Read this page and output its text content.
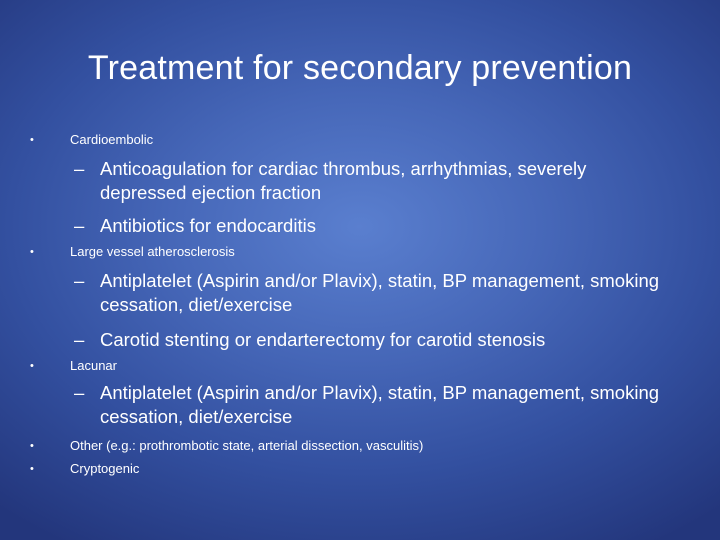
Treatment for secondary prevention
•	Cardioembolic
– Anticoagulation for cardiac thrombus, arrhythmias, severely depressed ejection fraction
– Antibiotics for endocarditis
•	Large vessel atherosclerosis
– Antiplatelet (Aspirin and/or Plavix), statin, BP management, smoking cessation, diet/exercise
– Carotid stenting or endarterectomy for carotid stenosis
•	Lacunar
– Antiplatelet (Aspirin and/or Plavix), statin, BP management, smoking cessation, diet/exercise
•	Other (e.g.: prothrombotic state, arterial dissection, vasculitis)
•	Cryptogenic
